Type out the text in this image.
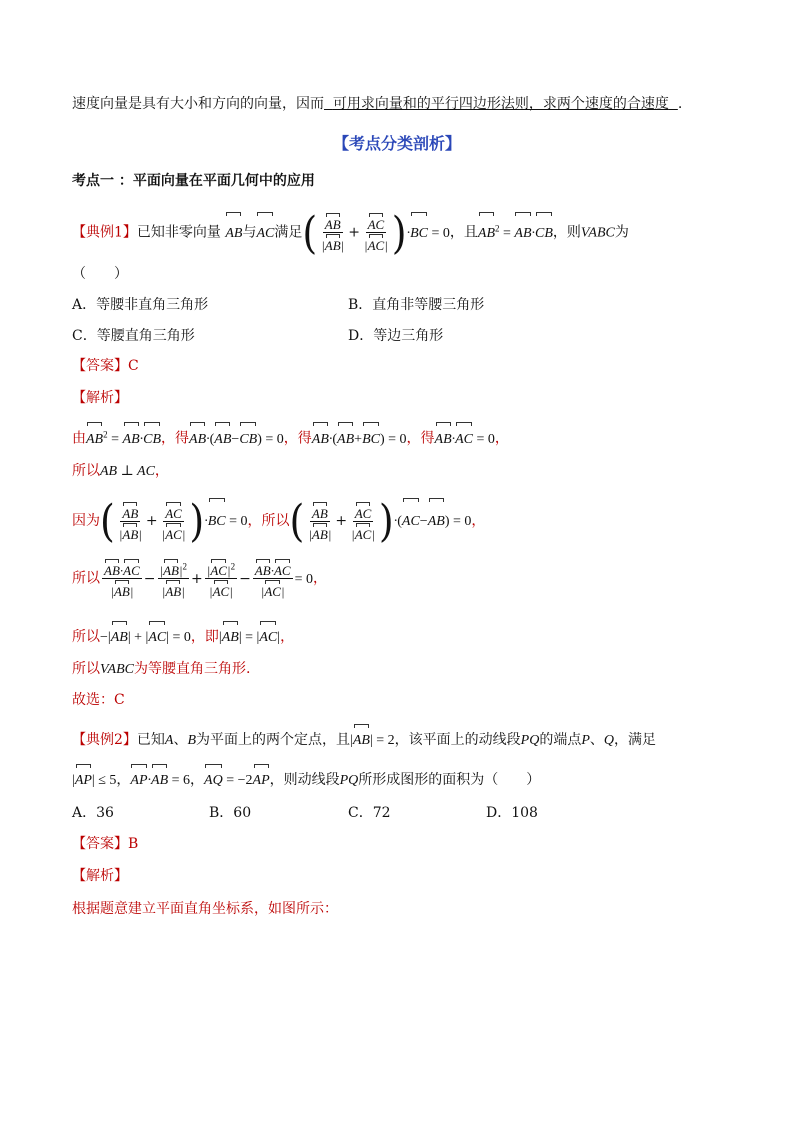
速度向量是具有大小和方向的向量，因而 可用求向量和的平行四边形法则，求两个速度的合速度 .
【考点分类剖析】
考点一 ：平面向量在平面几何中的应用
【典例1】已知非零向量 AB与AC满足( $\frac{AB}{|AB|} + \frac{AC}{|AC|} )\cdot BC = 0$，且$AB^2 = AB\cdot CB$，则VABC为
（　　）
A．等腰非直角三角形	B．直角非等腰三角形
C．等腰直角三角形	D．等边三角形
【答案】C
【解析】
由$AB^2 = AB\cdot CB$，得AB·(AB−CB) = 0，得AB·(AB+BC) = 0，得AB·AC = 0，
所以AB ⊥ AC，
因为( $\frac{AB}{|AB|} + \frac{AC}{|AC|} )\cdot BC = 0$，所以( $\frac{AB}{|AB|} + \frac{AC}{|AC|} )\cdot(AC-AB) = 0$，
所以 $\frac{AB\cdot AC}{|AB|} - \frac{|AB|^2}{|AB|} + \frac{|AC|^2}{|AC|} - \frac{AB\cdot AC}{|AC|} = 0$，
所以−|AB| + |AC| = 0，即|AB| = |AC|，
所以VABC为等腰直角三角形.
故选：C
【典例2】已知A、B为平面上的两个定点，且|AB| = 2，该平面上的动线段PQ的端点P、Q，满足
|AP| ≤ 5，AP·AB = 6，AQ = −2AP，则动线段PQ所形成图形的面积为（　　）
A．36	B．60	C．72	D．108
【答案】B
【解析】
根据题意建立平面直角坐标系，如图所示：
